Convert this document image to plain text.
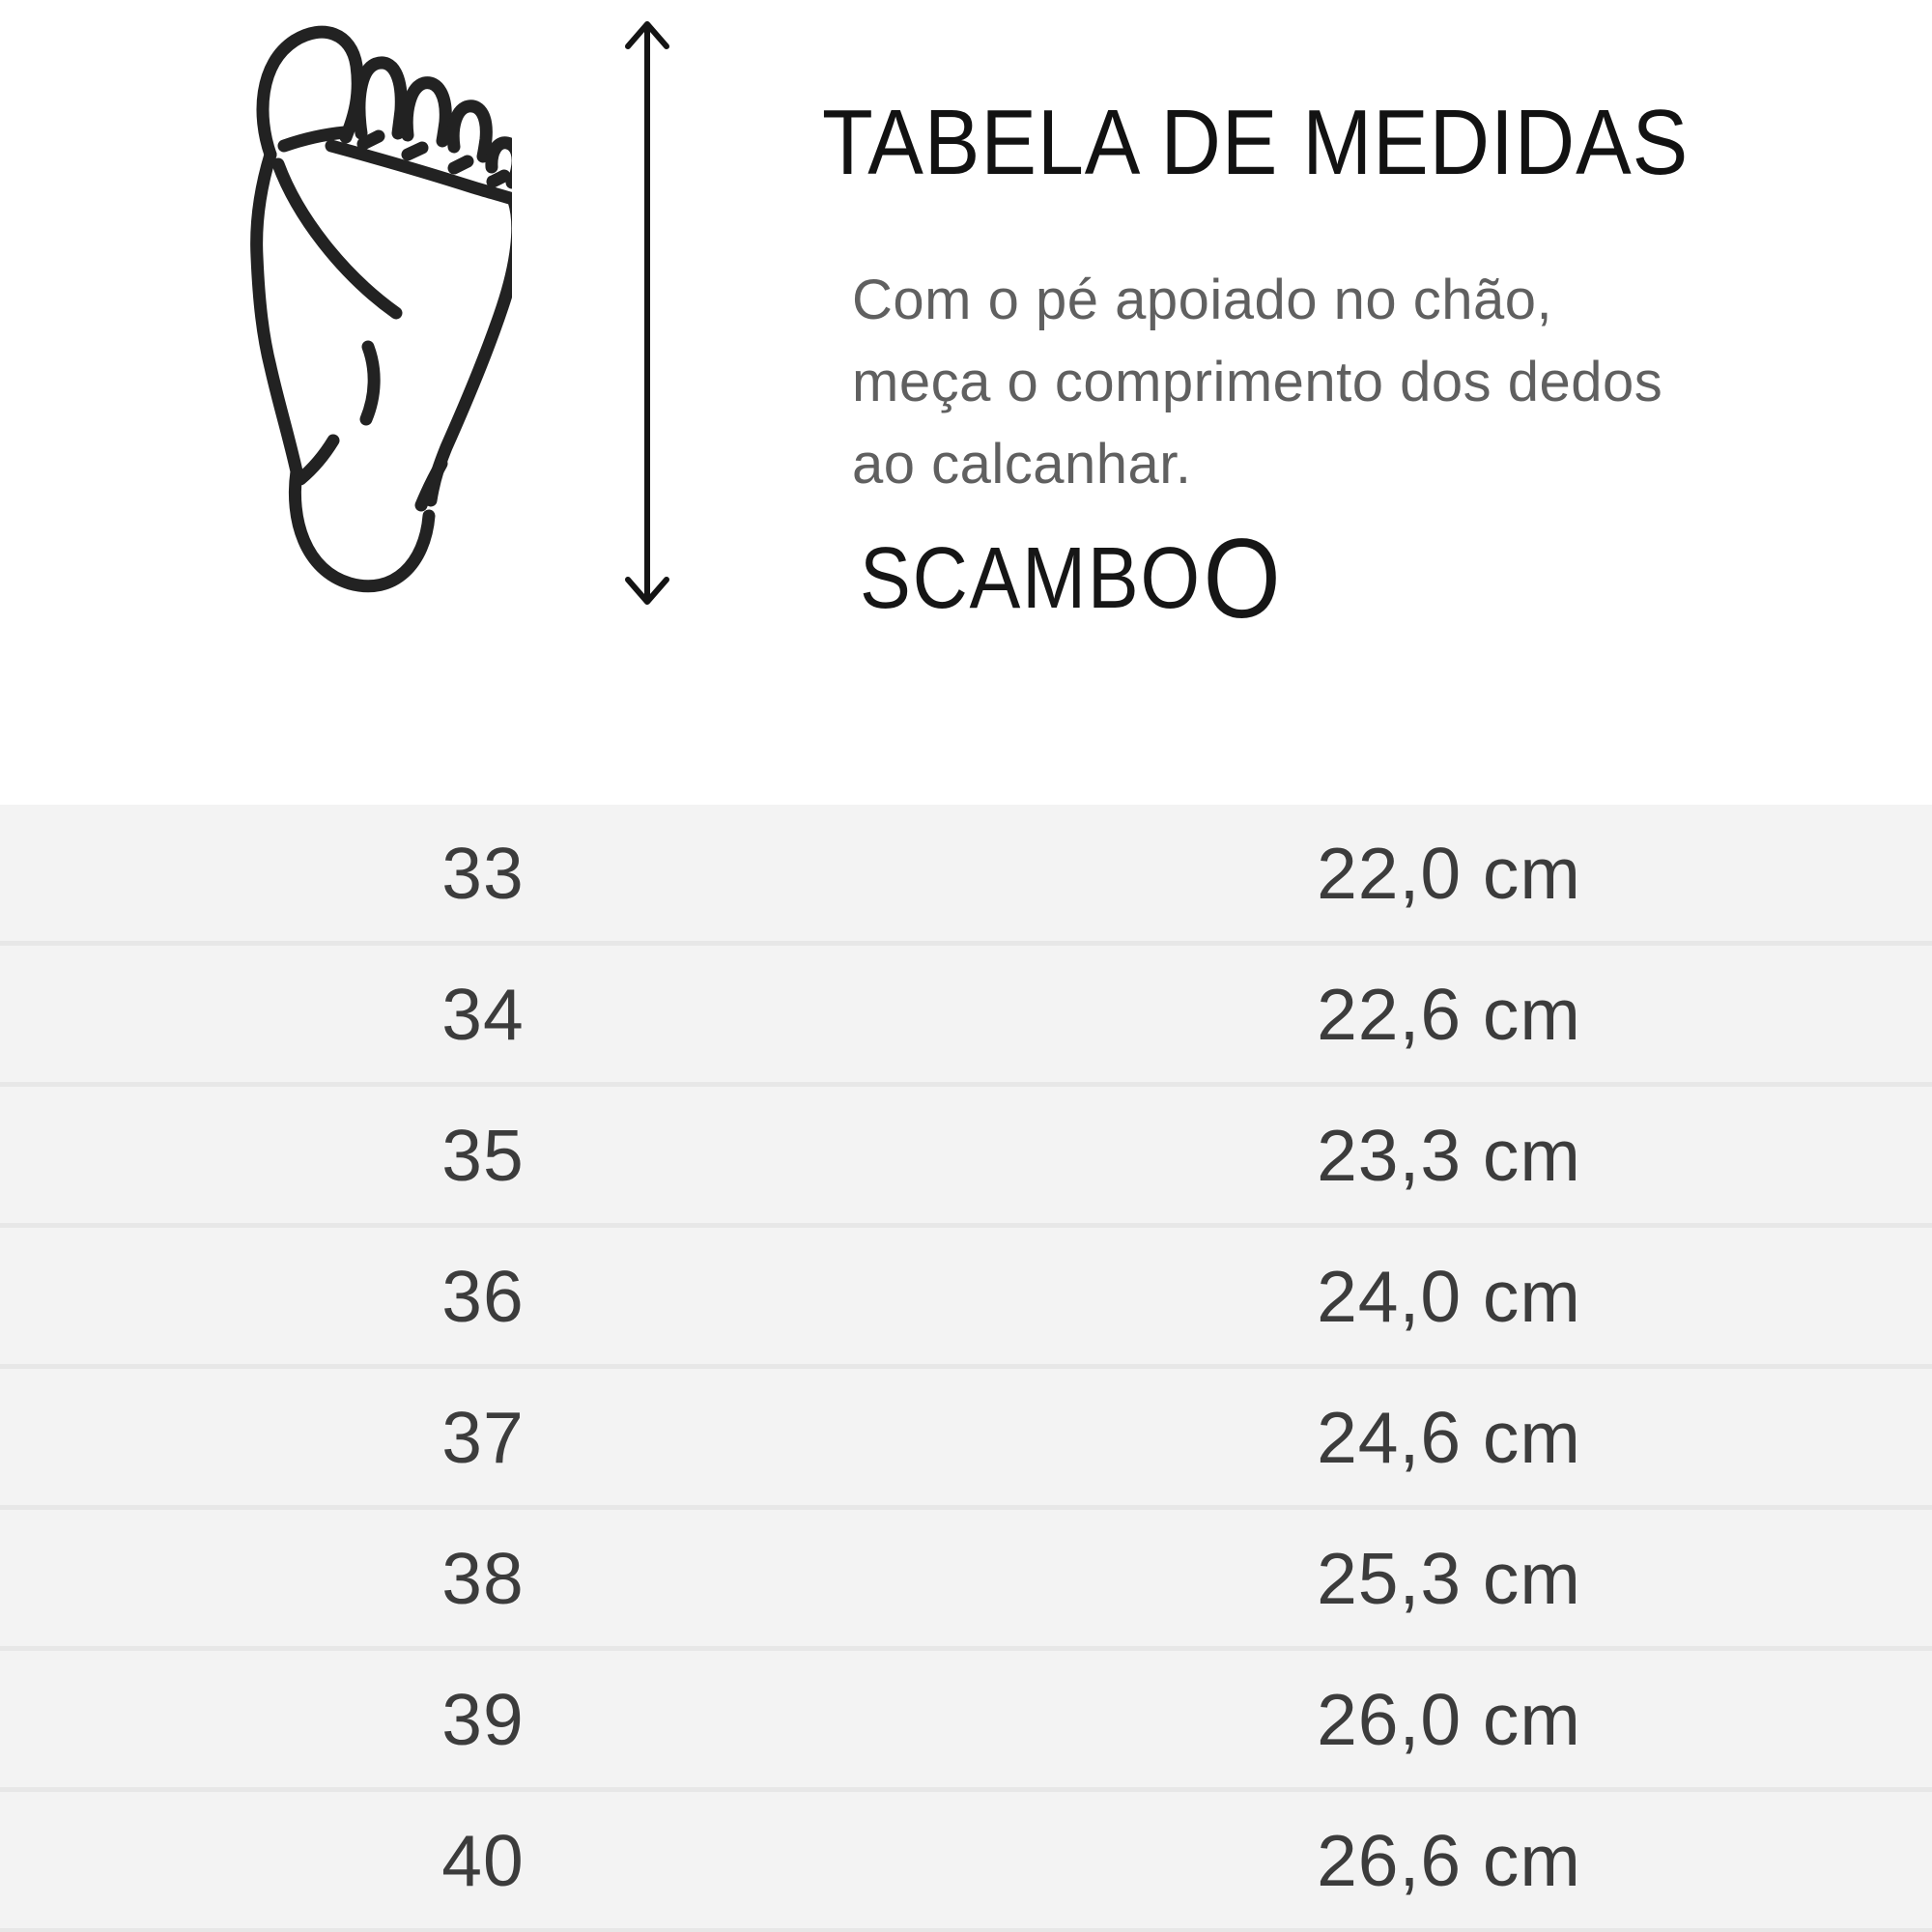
TABELA DE MEDIDAS
Com o pé apoiado no chão,
meça o comprimento dos dedos
ao calcanhar.
SCAMBO O
33	22,0 cm
34	22,6 cm
35	23,3 cm
36	24,0 cm
37	24,6 cm
38	25,3 cm
39	26,0 cm
40	26,6 cm
